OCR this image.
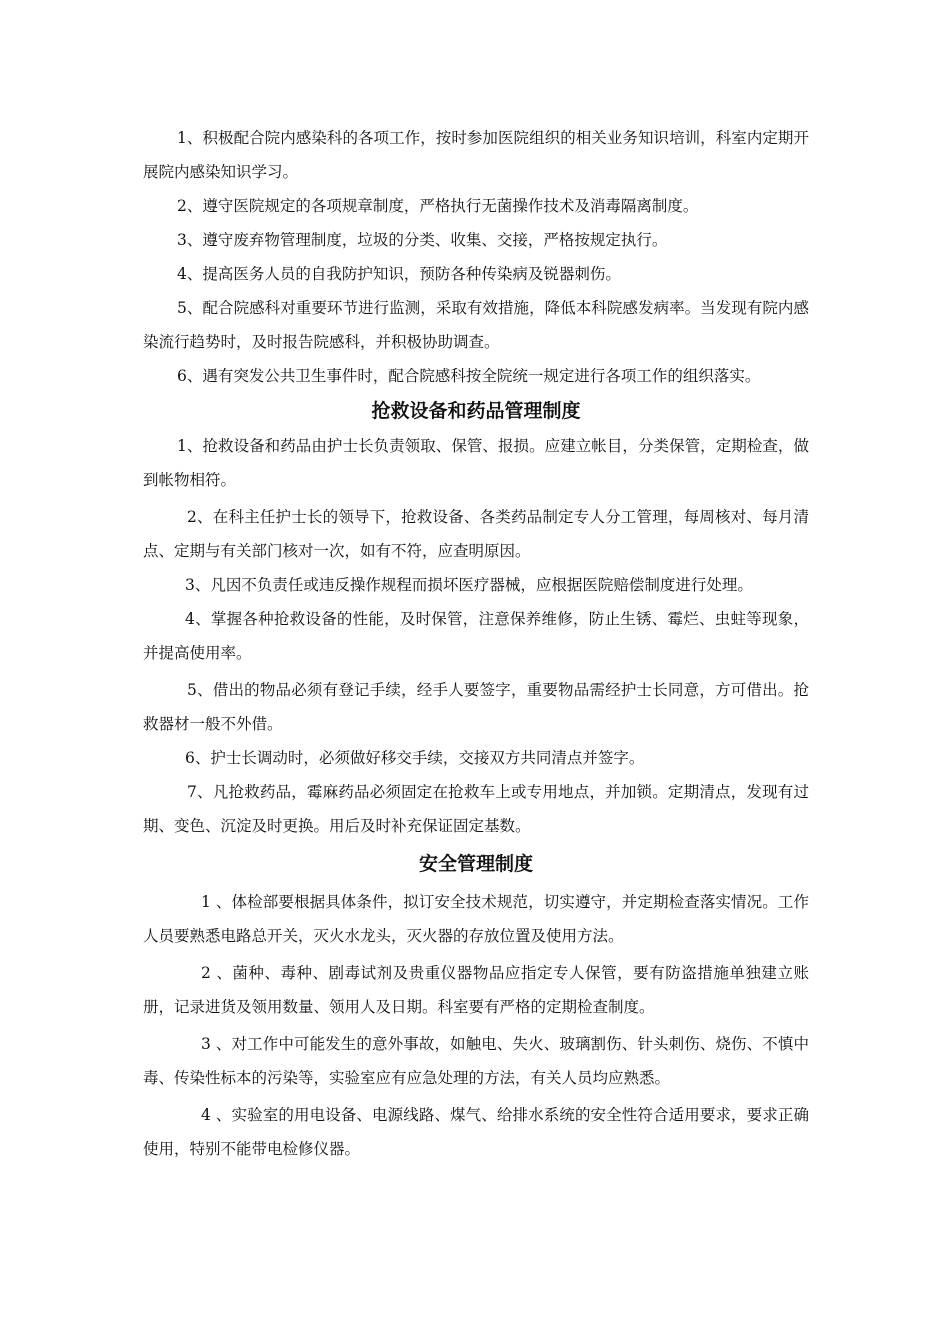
1、积极配合院内感染科的各项工作，按时参加医院组织的相关业务知识培训，科室内定期开展院内感染知识学习。

2、遵守医院规定的各项规章制度，严格执行无菌操作技术及消毒隔离制度。

3、遵守废弃物管理制度，垃圾的分类、收集、交接，严格按规定执行。

4、提高医务人员的自我防护知识，预防各种传染病及锐器刺伤。

5、配合院感科对重要环节进行监测，采取有效措施，降低本科院感发病率。当发现有院内感染流行趋势时，及时报告院感科，并积极协助调查。

6、遇有突发公共卫生事件时，配合院感科按全院统一规定进行各项工作的组织落实。

抢救设备和药品管理制度

1、抢救设备和药品由护士长负责领取、保管、报损。应建立帐目，分类保管，定期检查，做到帐物相符。

2、在科主任护士长的领导下，抢救设备、各类药品制定专人分工管理，每周核对、每月清点、定期与有关部门核对一次，如有不符，应查明原因。

3、凡因不负责任或违反操作规程而损坏医疗器械，应根据医院赔偿制度进行处理。

4、掌握各种抢救设备的性能，及时保管，注意保养维修，防止生锈、霉烂、虫蛀等现象，并提高使用率。

5、借出的物品必须有登记手续，经手人要签字，重要物品需经护士长同意，方可借出。抢救器材一般不外借。

6、护士长调动时，必须做好移交手续，交接双方共同清点并签字。

7、凡抢救药品，霉麻药品必须固定在抢救车上或专用地点，并加锁。定期清点，发现有过期、变色、沉淀及时更换。用后及时补充保证固定基数。

安全管理制度

1 、体检部要根据具体条件，拟订安全技术规范，切实遵守，并定期检查落实情况。工作人员要熟悉电路总开关，灭火水龙头，灭火器的存放位置及使用方法。

2 、菌种、毒种、剧毒试剂及贵重仪器物品应指定专人保管，要有防盗措施单独建立账册，记录进货及领用数量、领用人及日期。科室要有严格的定期检查制度。

3 、对工作中可能发生的意外事故，如触电、失火、玻璃割伤、针头刺伤、烧伤、不慎中毒、传染性标本的污染等，实验室应有应急处理的方法，有关人员均应熟悉。

4 、实验室的用电设备、电源线路、煤气、给排水系统的安全性符合适用要求，要求正确使用，特别不能带电检修仪器。
